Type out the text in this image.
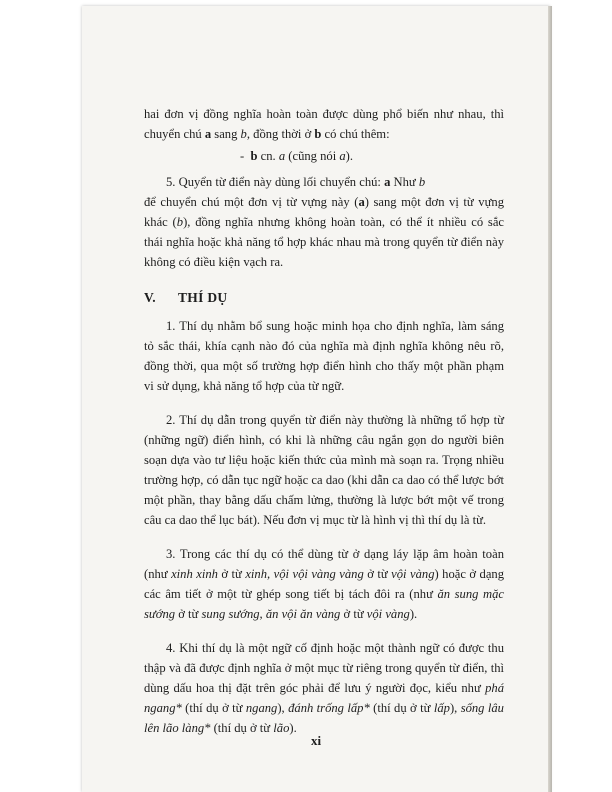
hai đơn vị đồng nghĩa hoàn toàn được dùng phổ biến như nhau, thì chuyển chú a sang b, đồng thời ở b có chú thêm:

- b cn. a (cũng nói a).

5. Quyển từ điển này dùng lối chuyển chú: a Như b

để chuyển chú một đơn vị từ vựng này (a) sang một đơn vị từ vựng khác (b), đồng nghĩa nhưng không hoàn toàn, có thể ít nhiều có sắc thái nghĩa hoặc khả năng tổ hợp khác nhau mà trong quyển từ điển này không có điều kiện vạch ra.

V. THÍ DỤ

1. Thí dụ nhằm bổ sung hoặc minh họa cho định nghĩa, làm sáng tỏ sắc thái, khía cạnh nào đó của nghĩa mà định nghĩa không nêu rõ, đồng thời, qua một số trường hợp điển hình cho thấy một phần phạm vi sử dụng, khả năng tổ hợp của từ ngữ.

2. Thí dụ dẫn trong quyển từ điển này thường là những tổ hợp từ (những ngữ) điển hình, có khi là những câu ngắn gọn do người biên soạn dựa vào tư liệu hoặc kiến thức của mình mà soạn ra. Trọng nhiều trường hợp, có dẫn tục ngữ hoặc ca dao (khi dẫn ca dao có thể lược bớt một phần, thay bằng dấu chấm lửng, thường là lược bớt một vế trong câu ca dao thể lục bát). Nếu đơn vị mục từ là hình vị thì thí dụ là từ.

3. Trong các thí dụ có thể dùng từ ở dạng láy lặp âm hoàn toàn (như xinh xinh ở từ xinh, vội vội vàng vàng ở từ vội vàng) hoặc ở dạng các âm tiết ở một từ ghép song tiết bị tách đôi ra (như ăn sung mặc sướng ở từ sung sướng, ăn vội ăn vàng ở từ vội vàng).

4. Khi thí dụ là một ngữ cố định hoặc một thành ngữ có được thu thập và đã được định nghĩa ở một mục từ riêng trong quyển từ điển, thì dùng dấu hoa thị đặt trên góc phải để lưu ý người đọc, kiểu như phá ngang* (thí dụ ở từ ngang), đánh trống lấp* (thí dụ ở từ lấp), sống lâu lên lão làng* (thí dụ ở từ lão).

xi
